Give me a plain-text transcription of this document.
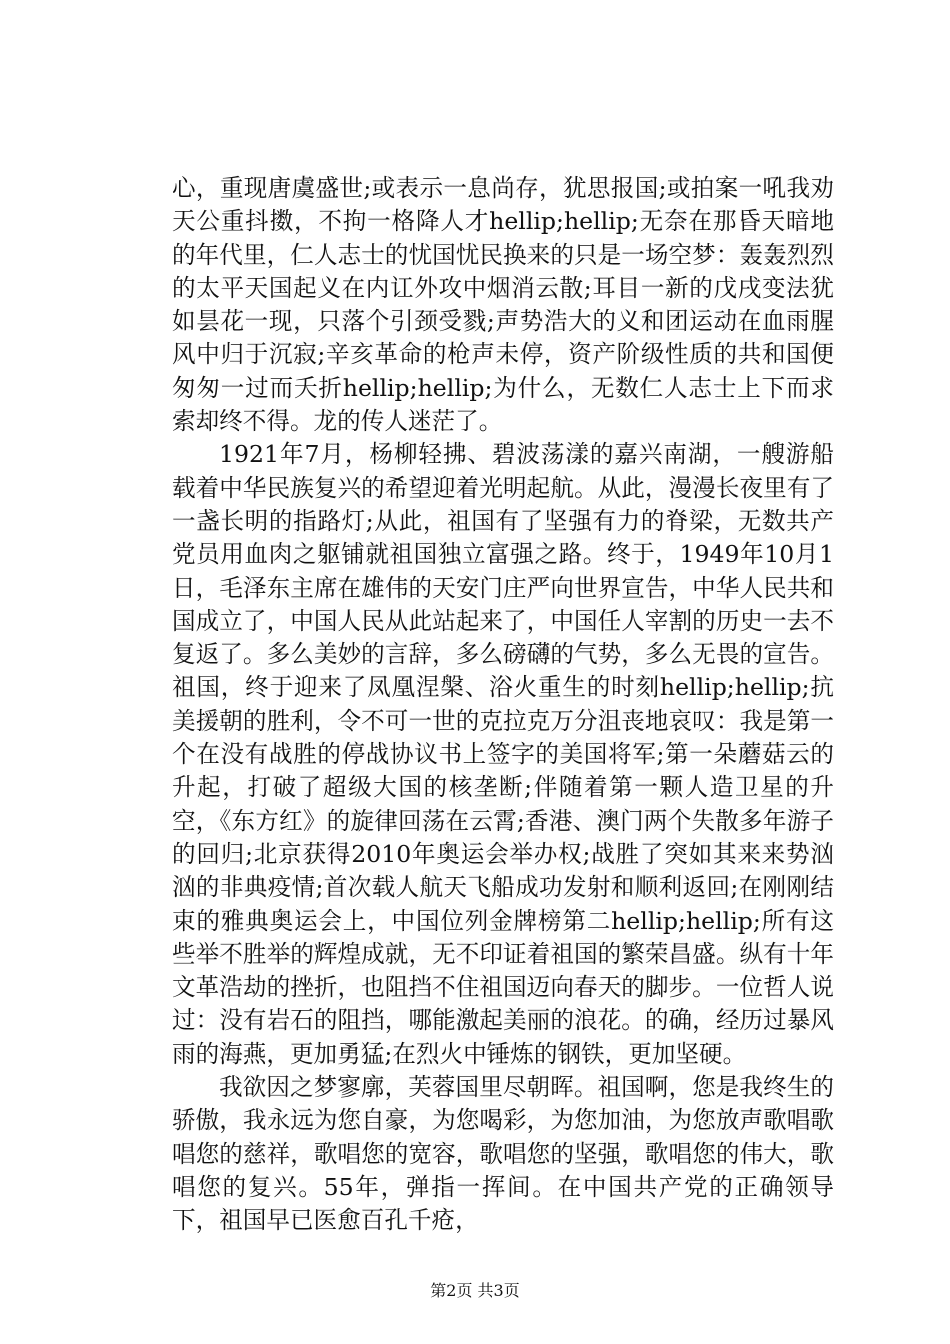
心，重现唐虞盛世;或表示一息尚存，犹思报国;或拍案一吼我劝天公重抖擞，不拘一格降人才hellip;hellip;无奈在那昏天暗地的年代里，仁人志士的忧国忧民换来的只是一场空梦：轰轰烈烈的太平天国起义在内讧外攻中烟消云散;耳目一新的戊戌变法犹如昙花一现，只落个引颈受戮;声势浩大的义和团运动在血雨腥风中归于沉寂;辛亥革命的枪声未停，资产阶级性质的共和国便匆匆一过而夭折hellip;hellip;为什么，无数仁人志士上下而求索却终不得。龙的传人迷茫了。

1921年7月，杨柳轻拂、碧波荡漾的嘉兴南湖，一艘游船载着中华民族复兴的希望迎着光明起航。从此，漫漫长夜里有了一盏长明的指路灯;从此，祖国有了坚强有力的脊梁，无数共产党员用血肉之躯铺就祖国独立富强之路。终于，1949年10月1日，毛泽东主席在雄伟的天安门庄严向世界宣告，中华人民共和国成立了，中国人民从此站起来了，中国任人宰割的历史一去不复返了。多么美妙的言辞，多么磅礴的气势，多么无畏的宣告。祖国，终于迎来了凤凰涅槃、浴火重生的时刻hellip;hellip;抗美援朝的胜利，令不可一世的克拉克万分沮丧地哀叹：我是第一个在没有战胜的停战协议书上签字的美国将军;第一朵蘑菇云的升起，打破了超级大国的核垄断;伴随着第一颗人造卫星的升空，《东方红》的旋律回荡在云霄;香港、澳门两个失散多年游子的回归;北京获得2010年奥运会举办权;战胜了突如其来来势汹汹的非典疫情;首次载人航天飞船成功发射和顺利返回;在刚刚结束的雅典奥运会上，中国位列金牌榜第二hellip;hellip;所有这些举不胜举的辉煌成就，无不印证着祖国的繁荣昌盛。纵有十年文革浩劫的挫折，也阻挡不住祖国迈向春天的脚步。一位哲人说过：没有岩石的阻挡，哪能激起美丽的浪花。的确，经历过暴风雨的海燕，更加勇猛;在烈火中锤炼的钢铁，更加坚硬。

我欲因之梦寥廓，芙蓉国里尽朝晖。祖国啊，您是我终生的骄傲，我永远为您自豪，为您喝彩，为您加油，为您放声歌唱歌唱您的慈祥，歌唱您的宽容，歌唱您的坚强，歌唱您的伟大，歌唱您的复兴。55年，弹指一挥间。在中国共产党的正确领导下，祖国早已医愈百孔千疮，

第2页 共3页
